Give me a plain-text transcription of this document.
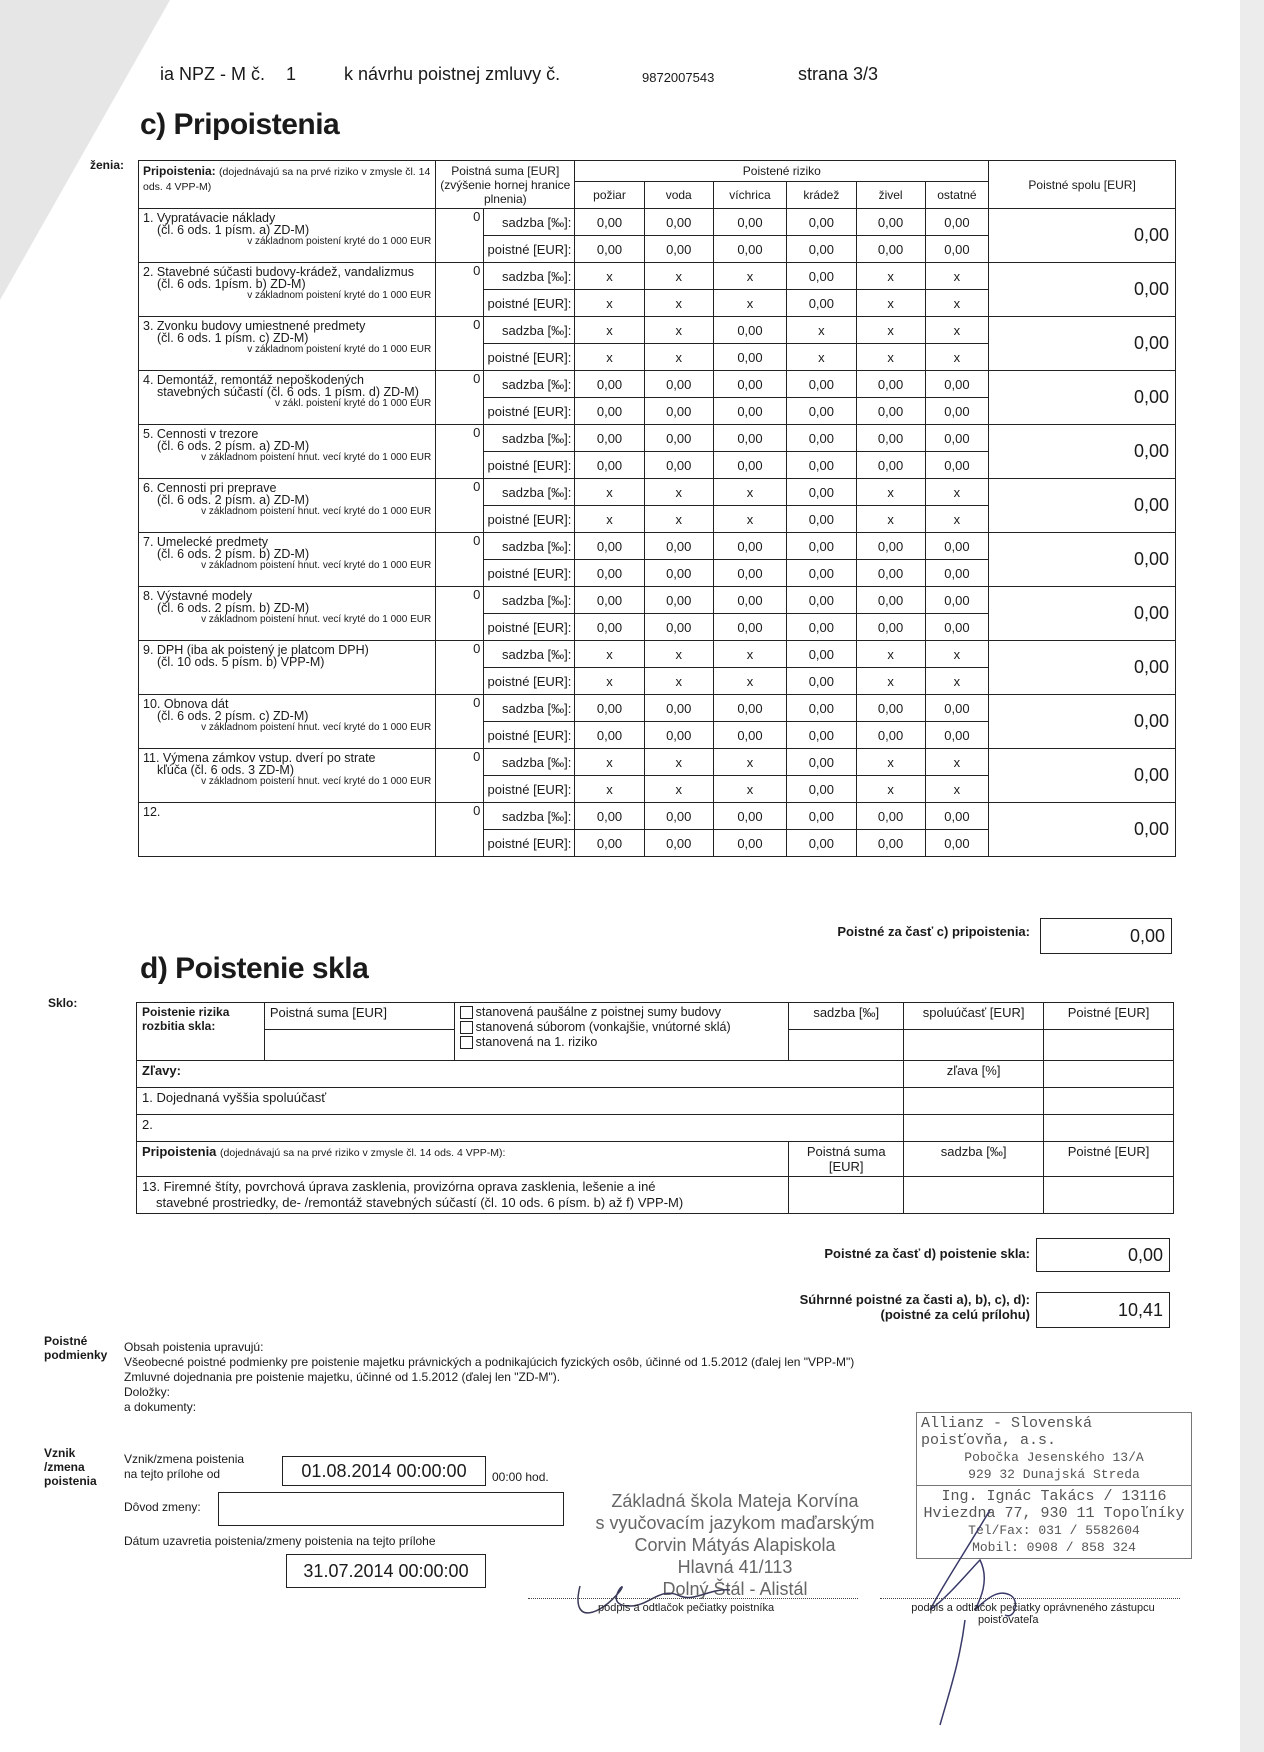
ia NPZ - M č. 1	k návrhu poistnej zmluvy č.	9872007543	strana 3/3
c) Pripoistenia
ženia: Pripoistenia: (dojednávajú sa na prvé riziko v zmysle čl. 14 ods. 4 VPP-M)	Poistná suma [EUR] (zvýšenie hornej hranice plnenia)		Poistené riziko						Poistné spolu [EUR]
			požiar	voda	víchrica	krádež	živel	ostatné	

1. Vypratávacie náklady
(čl. 6 ods. 1 písm. a) ZD-M)
v základnom poistení kryté do 1 000 EUR	0	sadzba [‰]:	0,00	0,00	0,00	0,00	0,00	0,00	0,00
		poistné [EUR]:	0,00	0,00	0,00	0,00	0,00	0,00	

2. Stavebné súčasti budovy-krádež, vandalizmus
(čl. 6 ods. 1písm. b) ZD-M)
v základnom poistení kryté do 1 000 EUR	0	sadzba [‰]:	x	x	x	0,00	x	x	0,00
		poistné [EUR]:	x	x	x	0,00	x	x	

3. Zvonku budovy umiestnené predmety
(čl. 6 ods. 1 písm. c) ZD-M)
v základnom poistení kryté do 1 000 EUR	0	sadzba [‰]:	x	x	0,00	x	x	x	0,00
		poistné [EUR]:	x	x	0,00	x	x	x	

4. Demontáž, remontáž nepoškodených
stavebných súčastí (čl. 6 ods. 1 písm. d) ZD-M)
v zákl. poistení kryté do 1 000 EUR	0	sadzba [‰]:	0,00	0,00	0,00	0,00	0,00	0,00	0,00
		poistné [EUR]:	0,00	0,00	0,00	0,00	0,00	0,00	

5. Cennosti v trezore
(čl. 6 ods. 2 písm. a) ZD-M)
v základnom poistení hnut. vecí kryté do 1 000 EUR	0	sadzba [‰]:	0,00	0,00	0,00	0,00	0,00	0,00	0,00
		poistné [EUR]:	0,00	0,00	0,00	0,00	0,00	0,00	

6. Cennosti pri preprave
(čl. 6 ods. 2 písm. a) ZD-M)
v základnom poistení hnut. vecí kryté do 1 000 EUR	0	sadzba [‰]:	x	x	x	0,00	x	x	0,00
		poistné [EUR]:	x	x	x	0,00	x	x	

7. Umelecké predmety
(čl. 6 ods. 2 písm. b) ZD-M)
v základnom poistení hnut. vecí kryté do 1 000 EUR	0	sadzba [‰]:	0,00	0,00	0,00	0,00	0,00	0,00	0,00
		poistné [EUR]:	0,00	0,00	0,00	0,00	0,00	0,00	

8. Výstavné modely
(čl. 6 ods. 2 písm. b) ZD-M)
v základnom poistení hnut. vecí kryté do 1 000 EUR	0	sadzba [‰]:	0,00	0,00	0,00	0,00	0,00	0,00	0,00
		poistné [EUR]:	0,00	0,00	0,00	0,00	0,00	0,00	

9. DPH (iba ak poistený je platcom DPH)
(čl. 10 ods. 5 písm. b) VPP-M)	0	sadzba [‰]:	x	x	x	0,00	x	x	0,00
		poistné [EUR]:	x	x	x	0,00	x	x	

10. Obnova dát
(čl. 6 ods. 2 písm. c) ZD-M)
v základnom poistení hnut. vecí kryté do 1 000 EUR	0	sadzba [‰]:	0,00	0,00	0,00	0,00	0,00	0,00	0,00
		poistné [EUR]:	0,00	0,00	0,00	0,00	0,00	0,00	

11. Výmena zámkov vstup. dverí po strate
kľúča (čl. 6 ods. 3 ZD-M)
v základnom poistení hnut. vecí kryté do 1 000 EUR	0	sadzba [‰]:	x	x	x	0,00	x	x	0,00
		poistné [EUR]:	x	x	x	0,00	x	x	

12.	0	sadzba [‰]:	0,00	0,00	0,00	0,00	0,00	0,00	0,00
		poistné [EUR]:	0,00	0,00	0,00	0,00	0,00	0,00	
Poistné za časť c) pripoistenia:	0,00
d) Poistenie skla
Sklo:
Poistenie rizika rozbitia skla:	Poistná suma [EUR]	stanovená paušálne z poistnej sumy budovy
stanovená súborom (vonkajšie, vnútorné sklá)
stanovená na 1. riziko	sadzba [‰]	spoluúčasť [EUR]	Poistné [EUR]

Zľavy:				zľava [%]	
1. Dojednaná vyššia spoluúčasť					
2.					
Pripoistenia (dojednávajú sa na prvé riziko v zmysle čl. 14 ods. 4 VPP-M):			Poistná suma [EUR]	sadzba [‰]	Poistné [EUR]

13. Firemné štíty, povrchová úprava zasklenia, provizórna oprava zasklenia, lešenie a iné
stavebné prostriedky, de- /remontáž stavebných súčastí (čl. 10 ods. 6 písm. b) až f) VPP-M)					

Poistné za časť d) poistenie skla:	0,00
Súhrnné poistné za časti a), b), c), d):
(poistné za celú prílohu)	10,41
Poistné
podmienky
Obsah poistenia upravujú:
Všeobecné poistné podmienky pre poistenie majetku právnických a podnikajúcich fyzických osôb, účinné od 1.5.2012 (ďalej len "VPP-M")
Zmluvné dojednania pre poistenie majetku, účinné od 1.5.2012 (ďalej len "ZD-M").
Doložky:
a dokumenty:
Vznik
/zmena
poistenia
Vznik/zmena poistenia
na tejto prílohe od	01.08.2014 00:00:00	00:00 hod.
Dôvod zmeny:
Dátum uzavretia poistenia/zmeny poistenia na tejto prílohe
31.07.2014 00:00:00
Allianz - Slovenská poisťovňa, a.s.
Pobočka Jesenského 13/A
929 32 Dunajská Streda
Ing. Ignác Takács / 13116
Hviezdna 77, 930 11 Topoľníky
Tel/Fax: 031 / 5582604
Mobil: 0908 / 858 324
Základná škola Mateja Korvína
s vyučovacím jazykom maďarským
Corvin Mátyás Alapiskola
Hlavná 41/113
Dolný Štál - Alistál
podpis a odtlačok pečiatky poistníka	podpis a odtlačok pečiatky oprávneného zástupcu
poisťovateľa
